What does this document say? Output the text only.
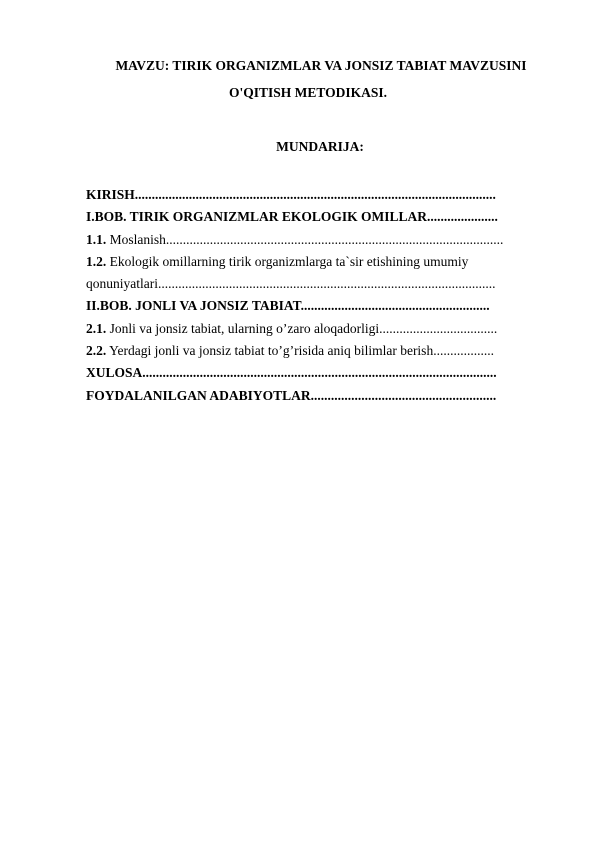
MAVZU: TIRIK ORGANIZMLAR VA JONSIZ TABIAT MAVZUSINI
O'QITISH METODIKASI.
MUNDARIJA:
KIRISH...........................................................................................................
I.BOB. TIRIK ORGANIZMLAR EKOLOGIK OMILLAR.....................
1.1. Moslanish....................................................................................................
1.2. Ekologik omillarning tirik organizmlarga ta`sir etishining umumiy
qonuniyatlari....................................................................................................
II.BOB. JONLI VA JONSIZ TABIAT........................................................
2.1. Jonli va jonsiz tabiat, ularning o’zaro aloqadorligi...................................
2.2. Yerdagi jonli va jonsiz tabiat to’g’risida aniq bilimlar berish..................
XULOSA.........................................................................................................
FOYDALANILGAN ADABIYOTLAR.......................................................
